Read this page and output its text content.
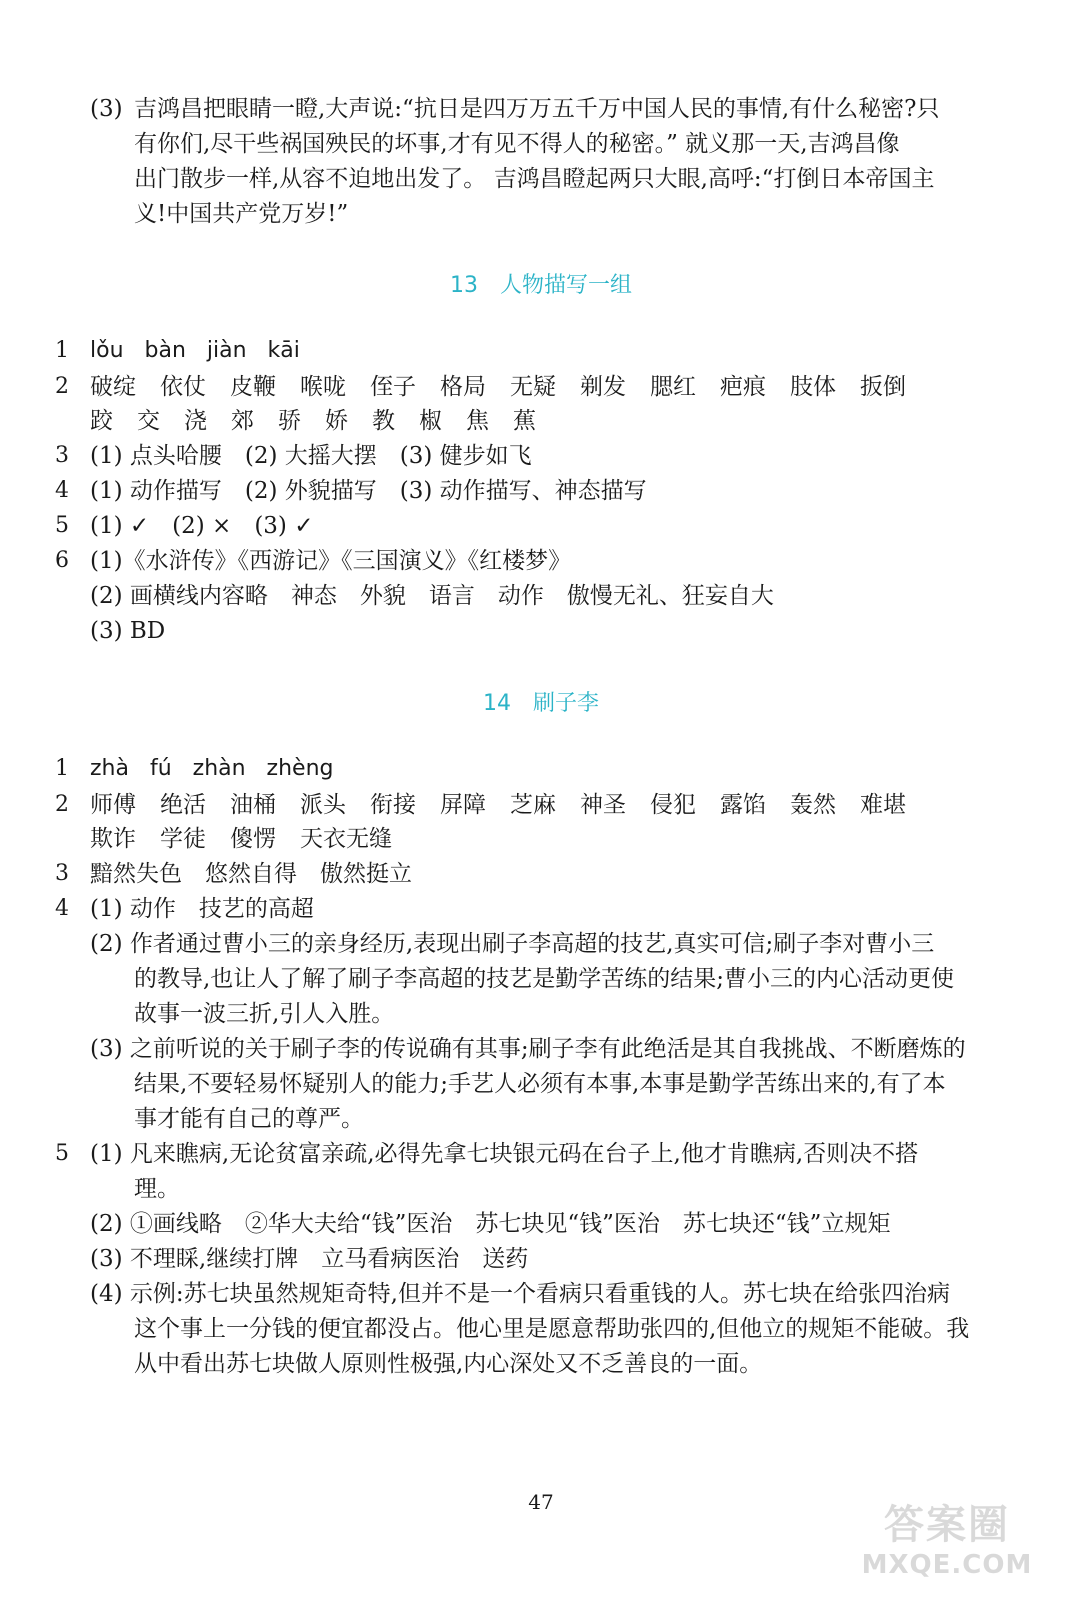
(3) 吉鸿昌把眼睛一瞪,大声说:“抗日是四万万五千万中国人民的事情,有什么秘密?只
有你们,尽干些祸国殃民的坏事,才有见不得人的秘密。” 就义那一天,吉鸿昌像
出门散步一样,从容不迫地出发了。 吉鸿昌瞪起两只大眼,高呼:“打倒日本帝国主
义!中国共产党万岁!”
13　人物描写一组
1 lǒu bàn jiàn kāi
2 破绽 依仗 皮鞭 喉咙 侄子 格局 无疑 剃发 腮红 疤痕 肢体 扳倒
跤 交 浇 郊 骄 娇 教 椒 焦 蕉
3 (1) 点头哈腰　(2) 大摇大摆　(3) 健步如飞
4 (1) 动作描写　(2) 外貌描写　(3) 动作描写、神态描写
5 (1) ✓　(2) ×　(3) ✓
6 (1)《水浒传》《西游记》《三国演义》《红楼梦》
(2) 画横线内容略　神态　外貌　语言　动作　傲慢无礼、狂妄自大
(3) BD
14　刷子李
1 zhà fú zhàn zhèng
2 师傅 绝活 油桶 派头 衔接 屏障 芝麻 神圣 侵犯 露馅 轰然 难堪
欺诈 学徒 傻愣 天衣无缝
3 黯然失色　悠然自得　傲然挺立
4 (1) 动作　技艺的高超
(2) 作者通过曹小三的亲身经历,表现出刷子李高超的技艺,真实可信;刷子李对曹小三
的教导,也让人了解了刷子李高超的技艺是勤学苦练的结果;曹小三的内心活动更使
故事一波三折,引人入胜。
(3) 之前听说的关于刷子李的传说确有其事;刷子李有此绝活是其自我挑战、不断磨炼的
结果,不要轻易怀疑别人的能力;手艺人必须有本事,本事是勤学苦练出来的,有了本
事才能有自己的尊严。
5 (1) 凡来瞧病,无论贫富亲疏,必得先拿七块银元码在台子上,他才肯瞧病,否则决不搭
理。
(2) ①画线略　②华大夫给“钱”医治　苏七块见“钱”医治　苏七块还“钱”立规矩
(3) 不理睬,继续打牌　立马看病医治　送药
(4) 示例:苏七块虽然规矩奇特,但并不是一个看病只看重钱的人。苏七块在给张四治病
这个事上一分钱的便宜都没占。他心里是愿意帮助张四的,但他立的规矩不能破。我
从中看出苏七块做人原则性极强,内心深处又不乏善良的一面。
47	答案圈
MXQE.COM
